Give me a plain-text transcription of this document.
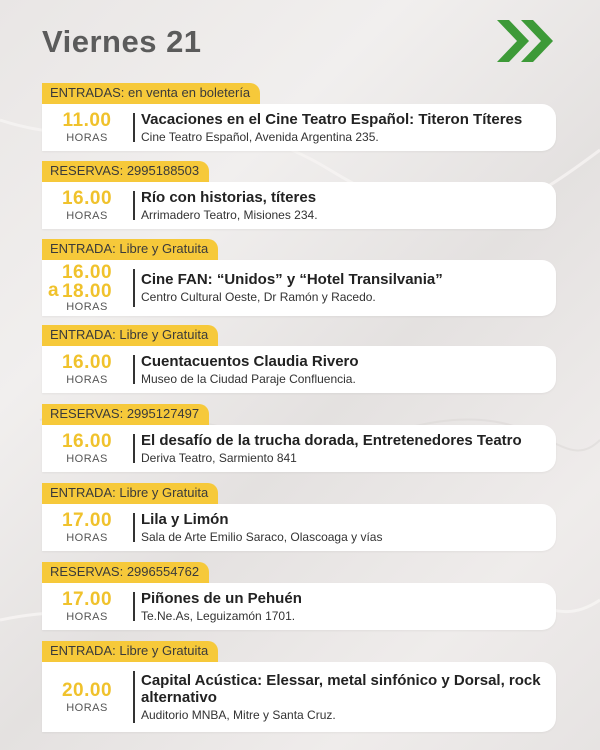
Viernes 21
ENTRADAS: en venta en boletería
11.00
HORAS
Vacaciones en el Cine Teatro Español: Titeron Títeres
Cine Teatro Español, Avenida Argentina 235.
RESERVAS: 2995188503
16.00
HORAS
Río con historias, títeres
Arrimadero Teatro, Misiones 234.
ENTRADA: Libre y Gratuita
a
16.00
18.00
HORAS
Cine FAN: “Unidos” y “Hotel Transilvania”
Centro Cultural Oeste, Dr Ramón y Racedo.
ENTRADA: Libre y Gratuita
16.00
HORAS
Cuentacuentos Claudia Rivero
Museo de la Ciudad Paraje Confluencia.
RESERVAS: 2995127497
16.00
HORAS
El desafío de la trucha dorada, Entretenedores Teatro
Deriva Teatro, Sarmiento 841
ENTRADA: Libre y Gratuita
17.00
HORAS
Lila y Limón
Sala de Arte Emilio Saraco, Olascoaga y vías
RESERVAS: 2996554762
17.00
HORAS
Piñones de un Pehuén
Te.Ne.As, Leguizamón 1701.
ENTRADA: Libre y Gratuita
20.00
HORAS
Capital Acústica: Elessar, metal sinfónico y Dorsal, rock alternativo
Auditorio MNBA, Mitre y Santa Cruz.
